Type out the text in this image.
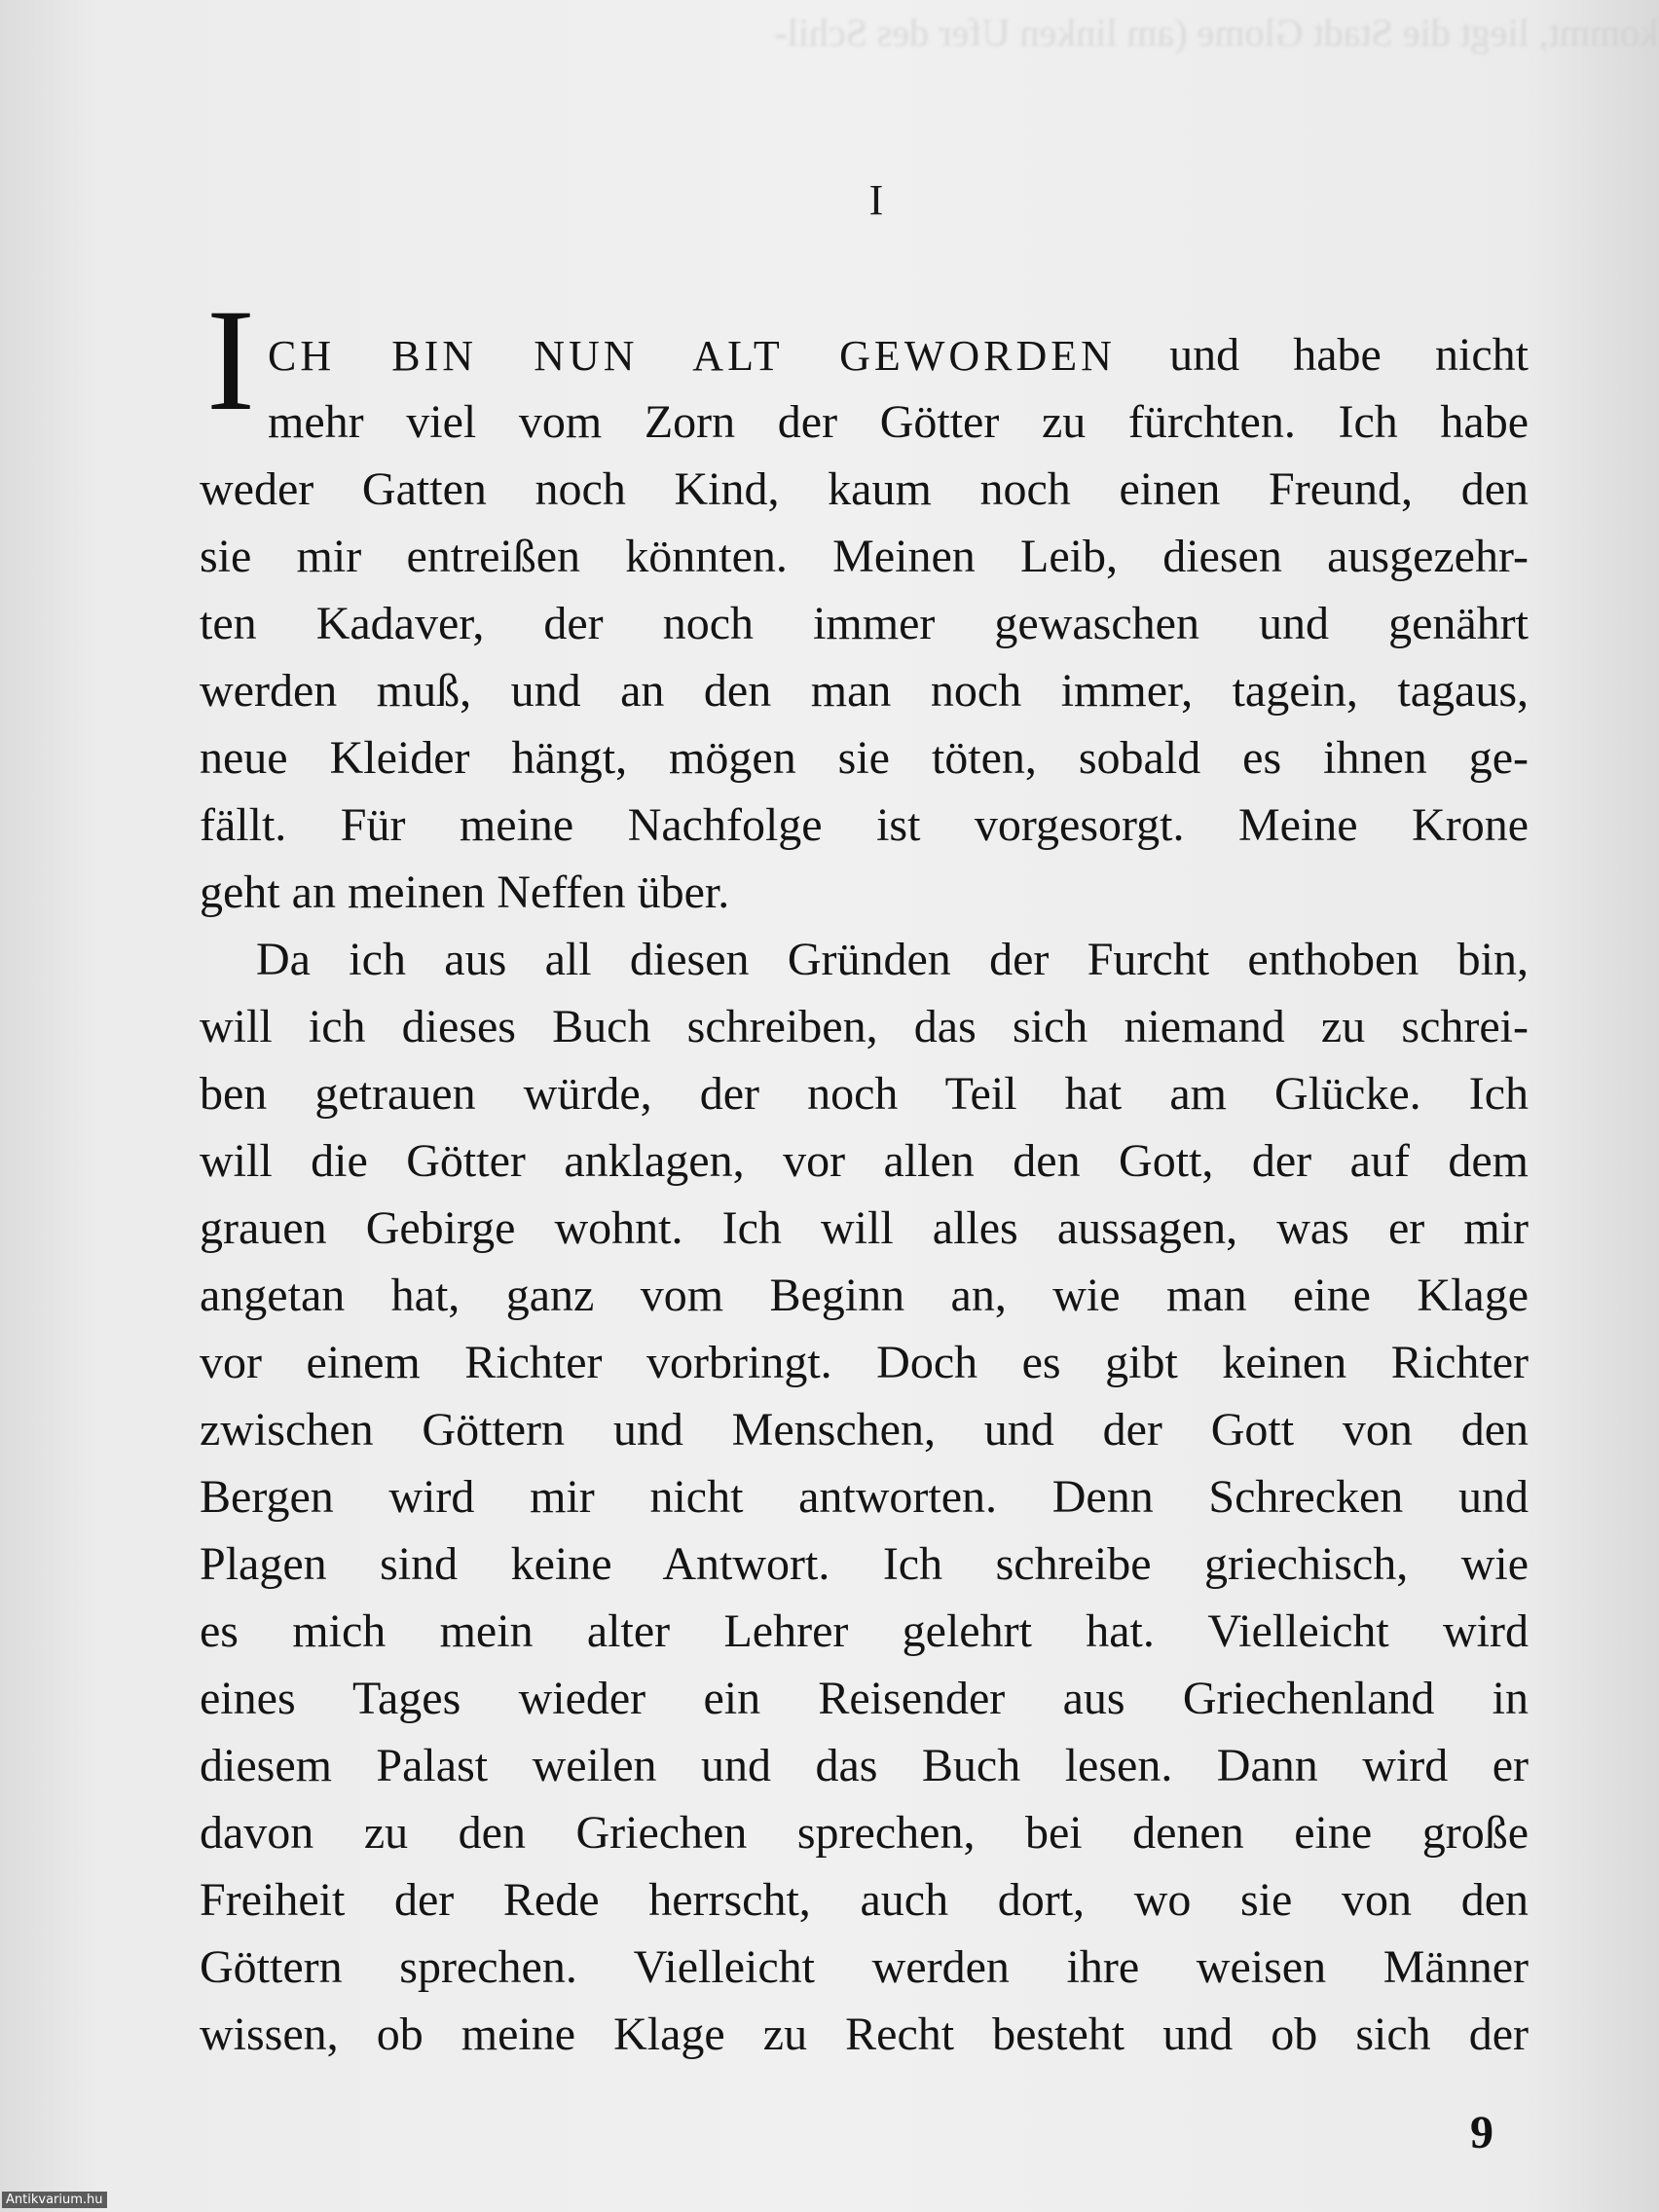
kommt, liegt die Stadt Glome (am linken Ufer des Schil-
I
I CH BIN NUN ALT GEWORDEN und habe nicht
mehr viel vom Zorn der Götter zu fürchten. Ich habe
weder Gatten noch Kind, kaum noch einen Freund, den
sie mir entreißen könnten. Meinen Leib, diesen ausgezehr-
ten Kadaver, der noch immer gewaschen und genährt
werden muß, und an den man noch immer, tagein, tagaus,
neue Kleider hängt, mögen sie töten, sobald es ihnen ge-
fällt. Für meine Nachfolge ist vorgesorgt. Meine Krone
geht an meinen Neffen über.
Da ich aus all diesen Gründen der Furcht enthoben bin,
will ich dieses Buch schreiben, das sich niemand zu schrei-
ben getrauen würde, der noch Teil hat am Glücke. Ich
will die Götter anklagen, vor allen den Gott, der auf dem
grauen Gebirge wohnt. Ich will alles aussagen, was er mir
angetan hat, ganz vom Beginn an, wie man eine Klage
vor einem Richter vorbringt. Doch es gibt keinen Richter
zwischen Göttern und Menschen, und der Gott von den
Bergen wird mir nicht antworten. Denn Schrecken und
Plagen sind keine Antwort. Ich schreibe griechisch, wie
es mich mein alter Lehrer gelehrt hat. Vielleicht wird
eines Tages wieder ein Reisender aus Griechenland in
diesem Palast weilen und das Buch lesen. Dann wird er
davon zu den Griechen sprechen, bei denen eine große
Freiheit der Rede herrscht, auch dort, wo sie von den
Göttern sprechen. Vielleicht werden ihre weisen Männer
wissen, ob meine Klage zu Recht besteht und ob sich der
9
Antikvarium.hu
